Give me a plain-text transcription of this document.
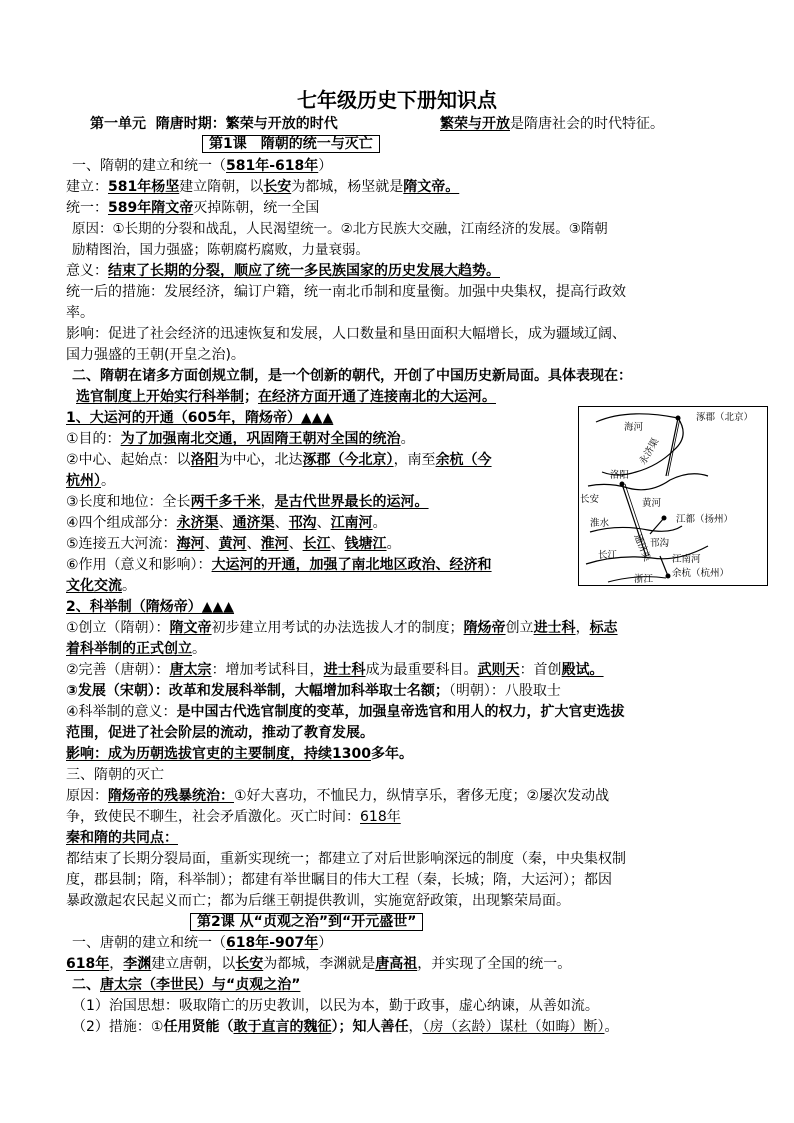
七年级历史下册知识点
第一单元 隋唐时期：繁荣与开放的时代	繁荣与开放是隋唐社会的时代特征。
第1课　隋朝的统一与灭亡
一、隋朝的建立和统一（581年-618年）
建立：581年杨坚建立隋朝，以长安为都城，杨坚就是隋文帝。
统一：589年隋文帝灭掉陈朝，统一全国
原因：①长期的分裂和战乱，人民渴望统一。②北方民族大交融，江南经济的发展。③隋朝
励精图治，国力强盛；陈朝腐朽腐败，力量衰弱。
意义：结束了长期的分裂，顺应了统一多民族国家的历史发展大趋势。
统一后的措施：发展经济，编订户籍，统一南北币制和度量衡。加强中央集权，提高行政效
率。
影响：促进了社会经济的迅速恢复和发展，人口数量和垦田面积大幅增长，成为疆域辽阔、
国力强盛的王朝(开皇之治)。
二、隋朝在诸多方面创规立制，是一个创新的朝代，开创了中国历史新局面。具体表现在：
选官制度上开始实行科举制；在经济方面开通了连接南北的大运河。
1、大运河的开通（605年，隋炀帝）▲▲▲
①目的：为了加强南北交通，巩固隋王朝对全国的统治。
②中心、起始点：以洛阳为中心，北达涿郡（今北京），南至余杭（今
杭州）。
③长度和地位：全长两千多千米，是古代世界最长的运河。
④四个组成部分：永济渠、通济渠、邗沟、江南河。
⑤连接五大河流：海河、黄河、淮河、长江、钱塘江。
⑥作用（意义和影响）：大运河的开通，加强了南北地区政治、经济和
文化交流。
涿郡（北京）
海河
永济渠
长安
洛阳
黄河
通济渠
淮水	江都（扬州）
邗沟
长江	江南河
浙江
余杭（杭州）
2、科举制（隋炀帝）▲▲▲
①创立（隋朝）：隋文帝初步建立用考试的办法选拔人才的制度；隋炀帝创立进士科，标志
着科举制的正式创立。
②完善（唐朝）：唐太宗：增加考试科目，进士科成为最重要科目。武则天：首创殿试。
③发展（宋朝）：改革和发展科举制，大幅增加科举取士名额；（明朝）：八股取士
④科举制的意义：是中国古代选官制度的变革，加强皇帝选官和用人的权力，扩大官吏选拔
范围，促进了社会阶层的流动，推动了教育发展。
影响：成为历朝选拔官吏的主要制度，持续1300多年。
三、隋朝的灭亡
原因：隋炀帝的残暴统治：①好大喜功，不恤民力，纵情享乐，奢侈无度；②屡次发动战
争，致使民不聊生，社会矛盾激化。灭亡时间：618年
秦和隋的共同点：
都结束了长期分裂局面，重新实现统一；都建立了对后世影响深远的制度（秦，中央集权制
度，郡县制；隋，科举制）；都建有举世瞩目的伟大工程（秦，长城；隋，大运河）；都因
暴政激起农民起义而亡；都为后继王朝提供教训，实施宽舒政策，出现繁荣局面。
第2课 从“贞观之治”到“开元盛世”
一、唐朝的建立和统一（618年-907年）
618年，李渊建立唐朝，以长安为都城，李渊就是唐高祖，并实现了全国的统一。
二、唐太宗（李世民）与“贞观之治”
（1）治国思想：吸取隋亡的历史教训，以民为本，勤于政事，虚心纳谏，从善如流。
（2）措施：①任用贤能（敢于直言的魏征）；知人善任，（房（玄龄）谋杜（如晦）断）。
